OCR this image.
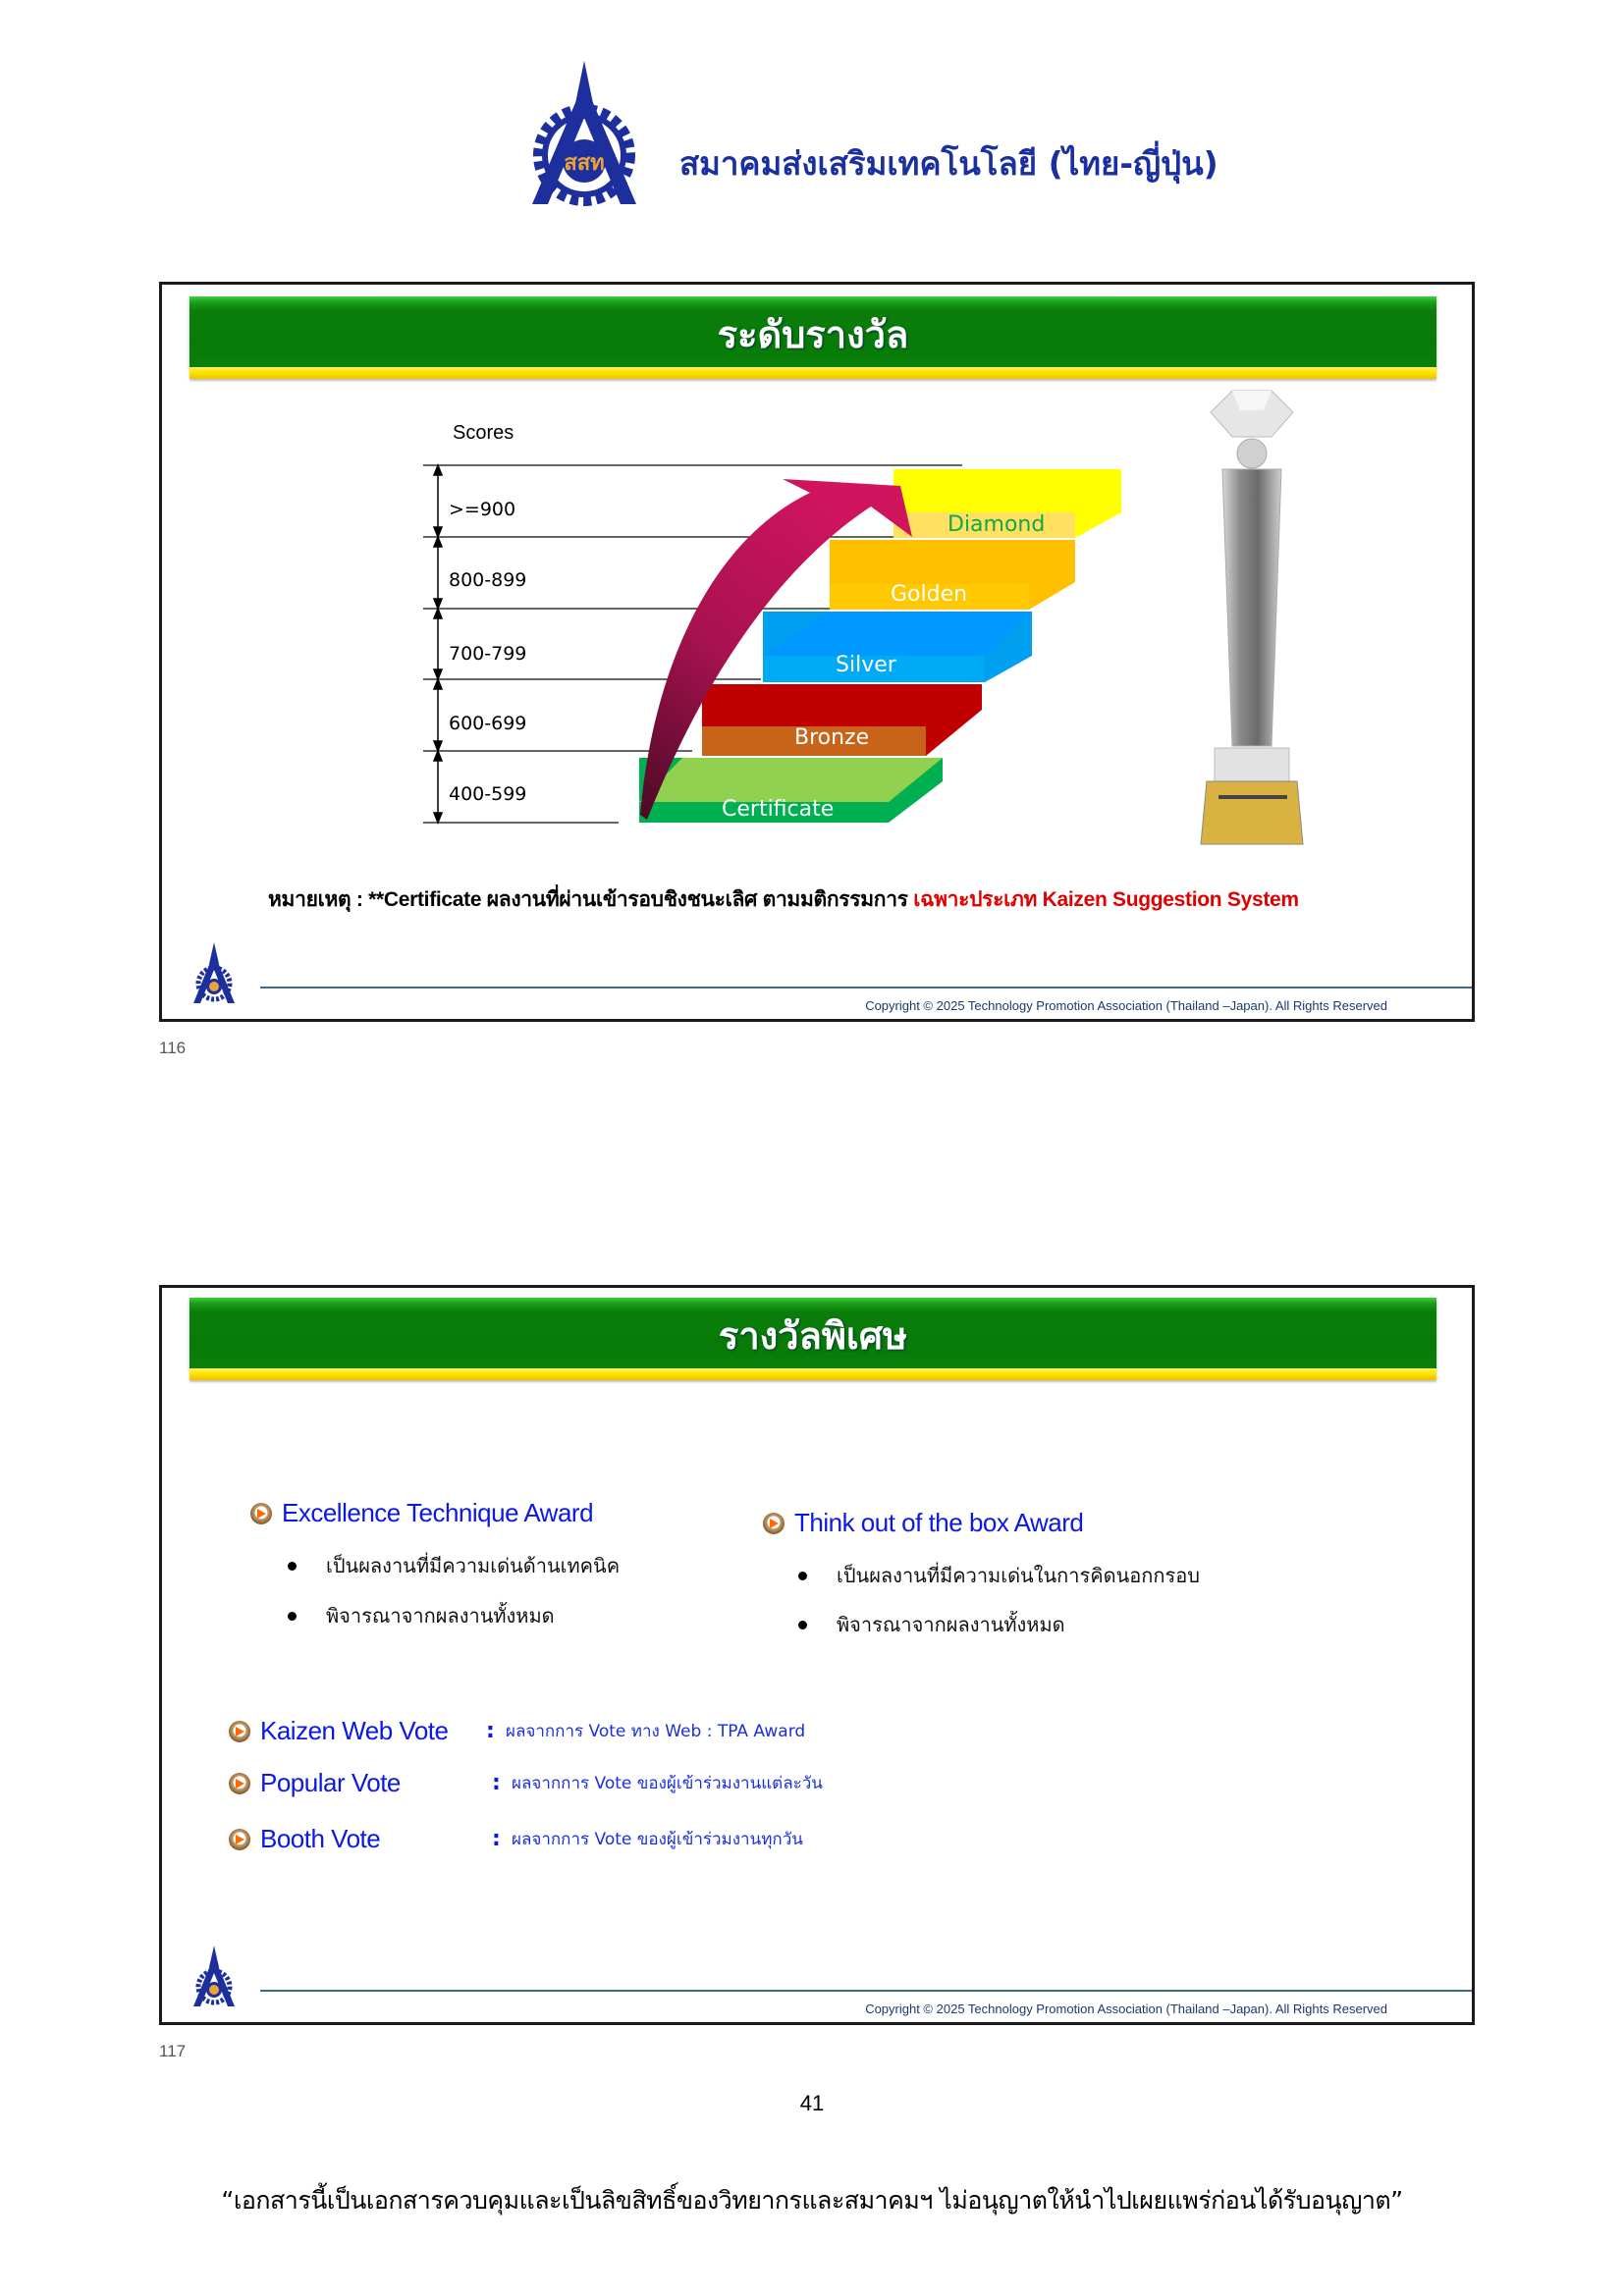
สสท สมาคมส่งเสริมเทคโนโลยี (ไทย-ญี่ปุ่น)
ระดับรางวัล
Scores
Diamond
Golden
Silver
Bronze
Certificate
>=900
800-899
700-799
600-699
400-599
หมายเหตุ : **Certificate ผลงานที่ผ่านเข้ารอบชิงชนะเลิศ ตามมติกรรมการ เฉพาะประเภท Kaizen Suggestion System
Copyright © 2025 Technology Promotion Association (Thailand –Japan). All Rights Reserved
116
รางวัลพิเศษ
Excellence Technique Award
เป็นผลงานที่มีความเด่นด้านเทคนิค
พิจารณาจากผลงานทั้งหมด
Think out of the box Award
เป็นผลงานที่มีความเด่นในการคิดนอกกรอบ
พิจารณาจากผลงานทั้งหมด
Kaizen Web Vote	: ผลจากการ Vote ทาง Web : TPA Award
Popular Vote	: ผลจากการ Vote ของผู้เข้าร่วมงานแต่ละวัน
Booth Vote	: ผลจากการ Vote ของผู้เข้าร่วมงานทุกวัน
Copyright © 2025 Technology Promotion Association (Thailand –Japan). All Rights Reserved
117
41
“เอกสารนี้เป็นเอกสารควบคุมและเป็นลิขสิทธิ์ของวิทยากรและสมาคมฯ ไม่อนุญาตให้นำไปเผยแพร่ก่อนได้รับอนุญาต”
